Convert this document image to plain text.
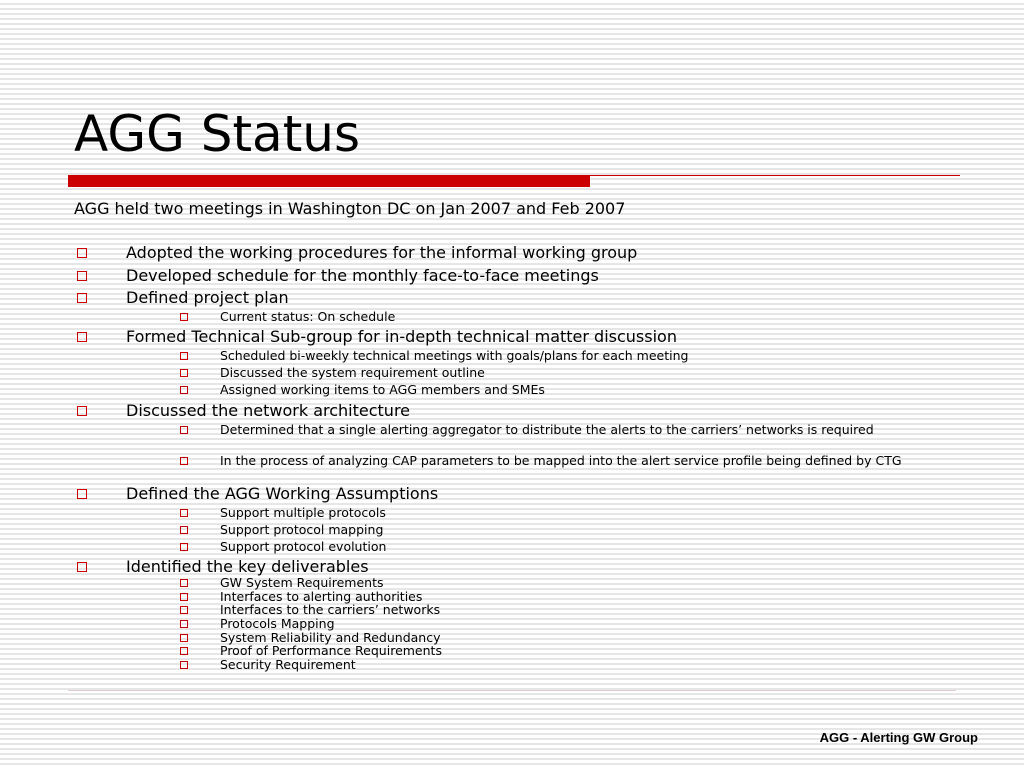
AGG Status
AGG held two meetings in Washington DC on Jan 2007 and Feb 2007
Adopted the working procedures for the informal working group
Developed schedule for the monthly face-to-face meetings
Defined project plan
Current status: On schedule
Formed Technical Sub-group for in-depth technical matter discussion
Scheduled bi-weekly technical meetings with goals/plans for each meeting
Discussed the system requirement outline
Assigned working items to AGG members and SMEs
Discussed the network architecture
Determined that a single alerting aggregator to distribute the alerts to the carriers’ networks is required
In the process of analyzing CAP parameters to be mapped into the alert service profile being defined by CTG
Defined the AGG Working Assumptions
Support multiple protocols
Support protocol mapping
Support protocol evolution
Identified the key deliverables
GW System Requirements
Interfaces to alerting authorities
Interfaces to the carriers’ networks
Protocols Mapping
System Reliability and Redundancy
Proof of Performance Requirements
Security Requirement
AGG - Alerting GW Group
